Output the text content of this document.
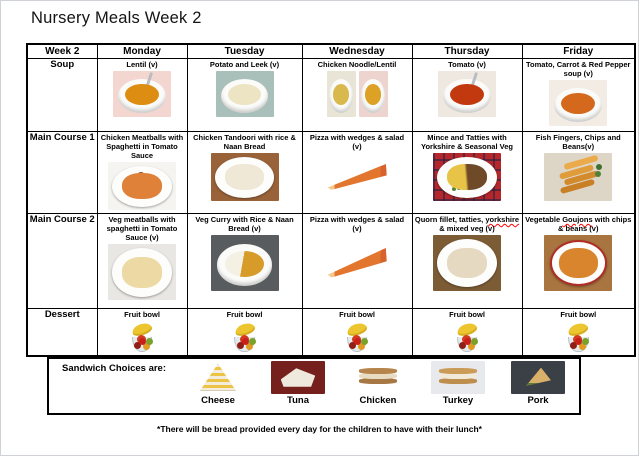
Nursery Meals Week 2
Week 2	Monday	Tuesday	Wednesday	Thursday	Friday
Soup	Lentil (v)	Potato and Leek (v)	Chicken Noodle/Lentil	Tomato (v)	Tomato, Carrot & Red Pepper soup (v)

Main Course 1	Chicken Meatballs with Spaghetti in Tomato Sauce	Chicken Tandoori with rice & Naan Bread	Pizza with wedges & salad (v)	Mince and Tatties with Yorkshire & Seasonal Veg	Fish Fingers, Chips and Beans(v)

Main Course 2	Veg meatballs with spaghetti in Tomato Sauce (v)	Veg Curry with Rice & Naan Bread (v)	Pizza with wedges & salad (v)	Quorn fillet, tatties, yorkshire & mixed veg (v)	Vegetable Goujons with chips & beans (v)

Dessert	Fruit bowl	Fruit bowl	Fruit bowl	Fruit bowl	Fruit bowl
Sandwich Choices are:
Cheese	Tuna	Chicken	Turkey	Pork
*There will be bread provided every day for the children to have with their lunch*
